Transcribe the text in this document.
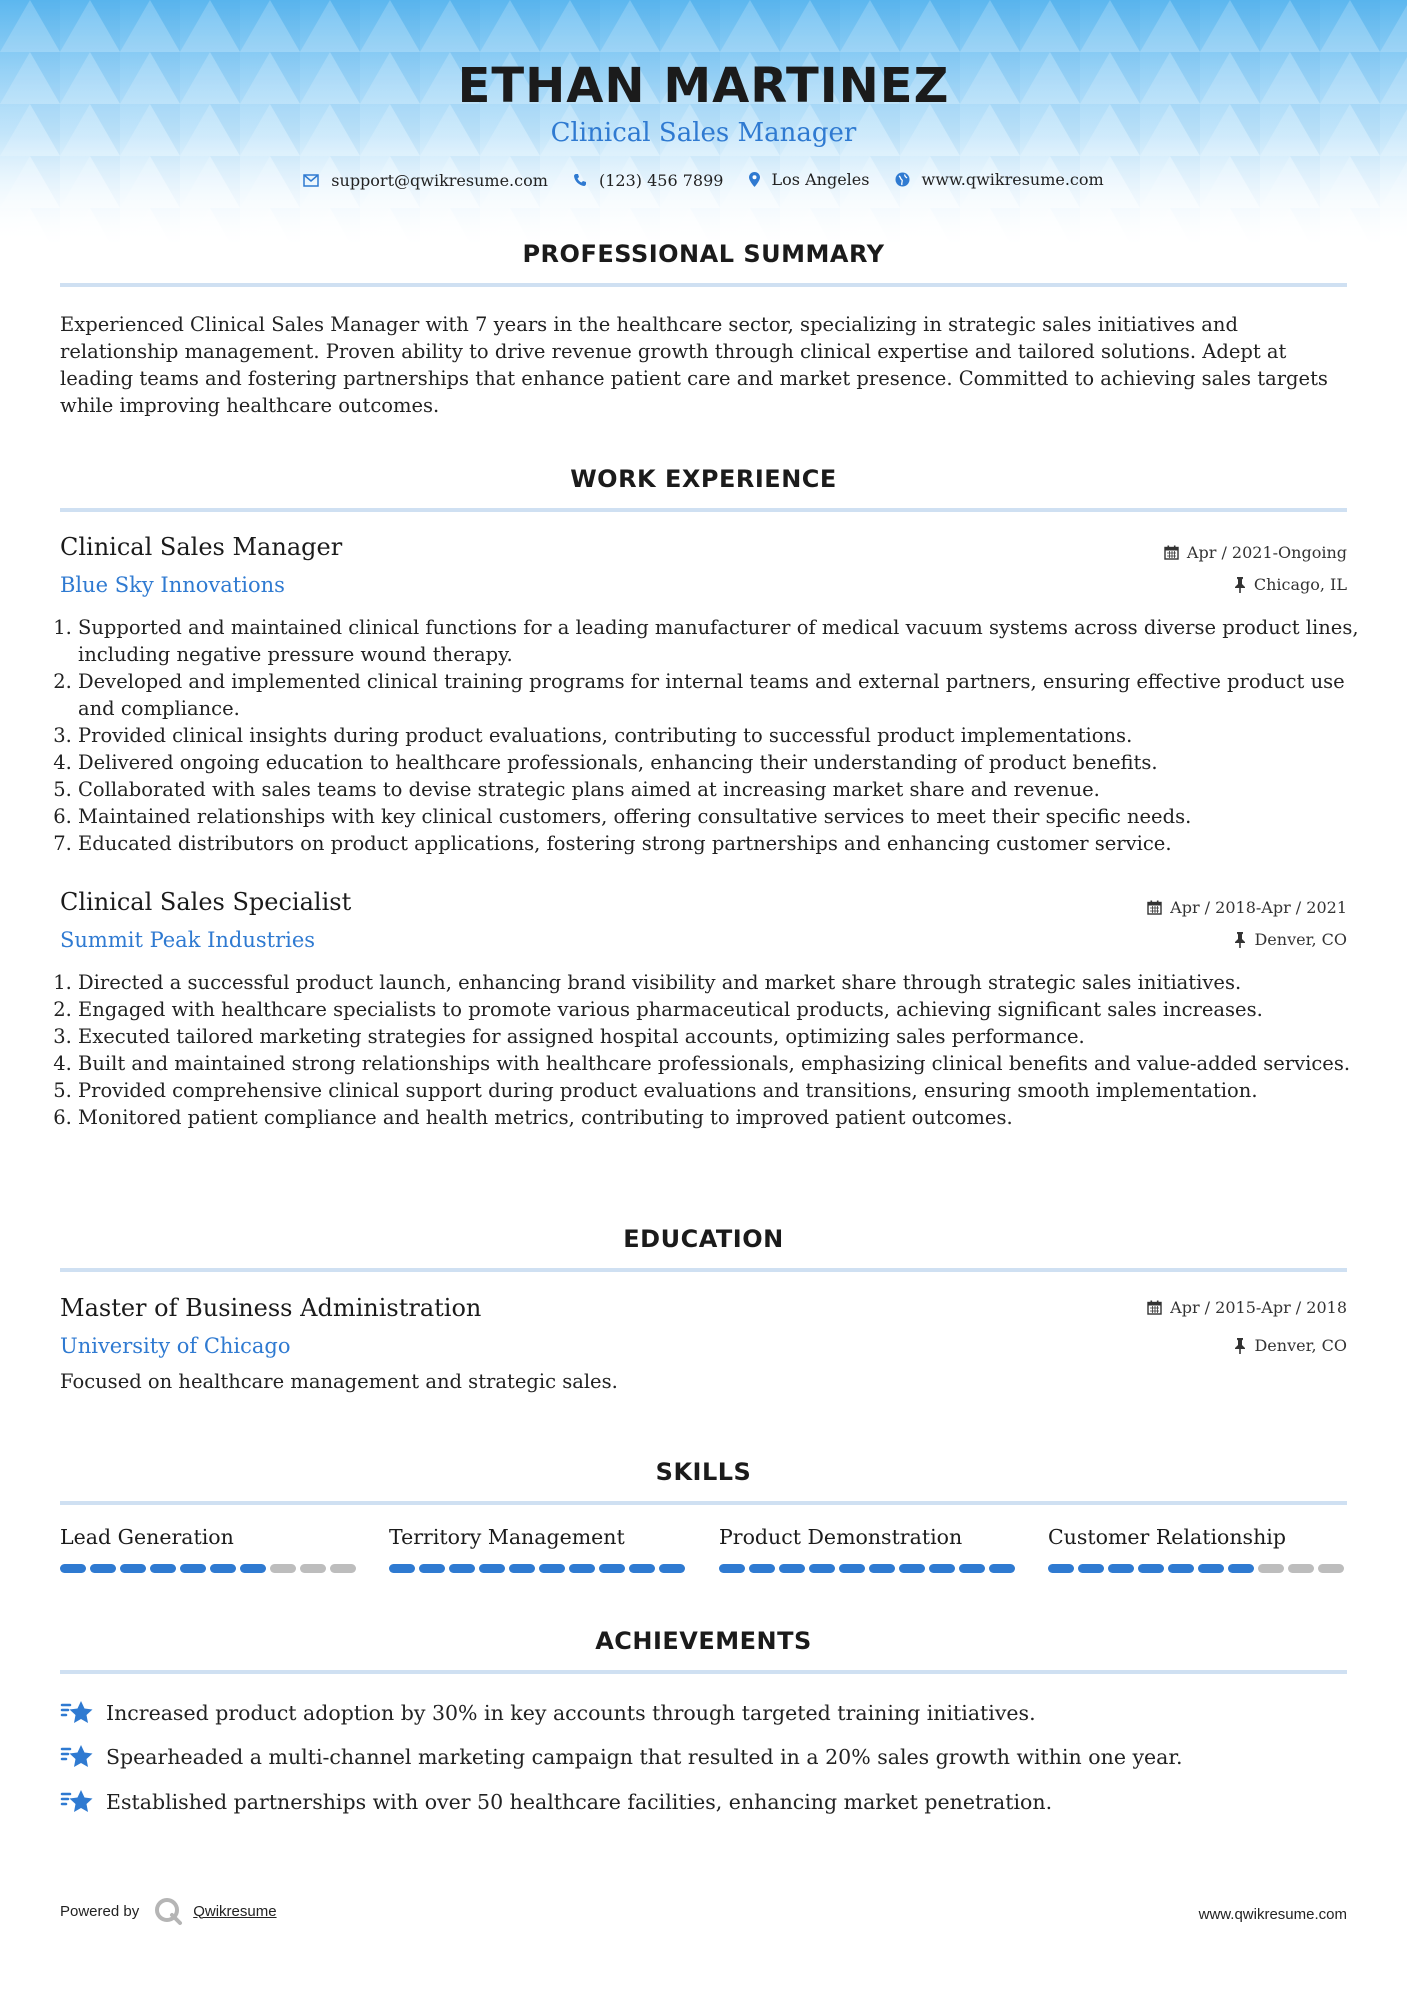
ETHAN MARTINEZ
Clinical Sales Manager
support@qwikresume.com
	(123) 456 7899
	Los Angeles
	www.qwikresume.com
PROFESSIONAL SUMMARY
Experienced Clinical Sales Manager with 7 years in the healthcare sector, specializing in strategic sales initiatives and relationship management. Proven ability to drive revenue growth through clinical expertise and tailored solutions. Adept at leading teams and fostering partnerships that enhance patient care and market presence. Committed to achieving sales targets while improving healthcare outcomes.
WORK EXPERIENCE
Clinical Sales Manager
Blue Sky Innovations
Apr / 2021-Ongoing
Chicago, IL
1. Supported and maintained clinical functions for a leading manufacturer of medical vacuum systems across diverse product lines, including negative pressure wound therapy.
2. Developed and implemented clinical training programs for internal teams and external partners, ensuring effective product use and compliance.
3. Provided clinical insights during product evaluations, contributing to successful product implementations.
4. Delivered ongoing education to healthcare professionals, enhancing their understanding of product benefits.
5. Collaborated with sales teams to devise strategic plans aimed at increasing market share and revenue.
6. Maintained relationships with key clinical customers, offering consultative services to meet their specific needs.
7. Educated distributors on product applications, fostering strong partnerships and enhancing customer service.
Clinical Sales Specialist
Summit Peak Industries
Apr / 2018-Apr / 2021
Denver, CO
1. Directed a successful product launch, enhancing brand visibility and market share through strategic sales initiatives.
2. Engaged with healthcare specialists to promote various pharmaceutical products, achieving significant sales increases.
3. Executed tailored marketing strategies for assigned hospital accounts, optimizing sales performance.
4. Built and maintained strong relationships with healthcare professionals, emphasizing clinical benefits and value-added services.
5. Provided comprehensive clinical support during product evaluations and transitions, ensuring smooth implementation.
6. Monitored patient compliance and health metrics, contributing to improved patient outcomes.
EDUCATION
Master of Business Administration
University of Chicago
Apr / 2015-Apr / 2018
Denver, CO
Focused on healthcare management and strategic sales.
SKILLS
Lead Generation	Territory Management	Product Demonstration	Customer Relationship
ACHIEVEMENTS
Increased product adoption by 30% in key accounts through targeted training initiatives.
Spearheaded a multi-channel marketing campaign that resulted in a 20% sales growth within one year.
Established partnerships with over 50 healthcare facilities, enhancing market penetration.
Powered by	Qwikresume	www.qwikresume.com
